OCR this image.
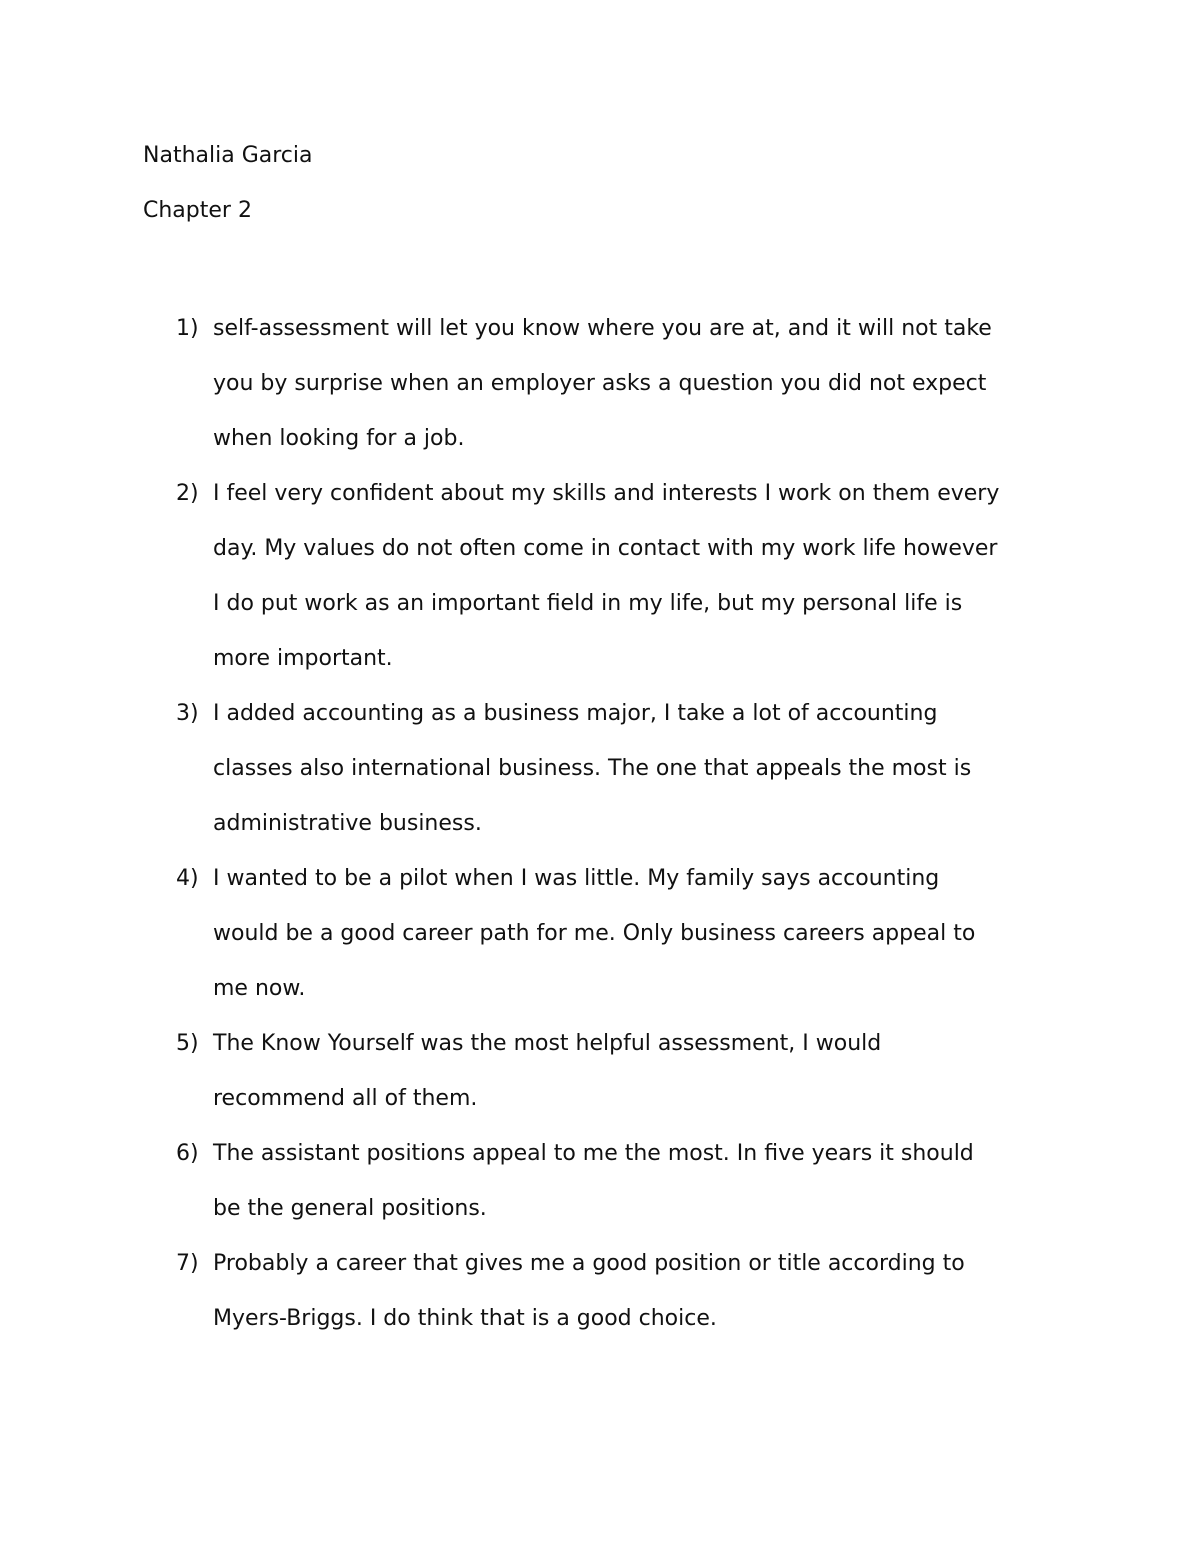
Nathalia Garcia
Chapter 2
1) self-assessment will let you know where you are at, and it will not take
you by surprise when an employer asks a question you did not expect
when looking for a job.
2) I feel very confident about my skills and interests I work on them every
day. My values do not often come in contact with my work life however
I do put work as an important field in my life, but my personal life is
more important.
3) I added accounting as a business major, I take a lot of accounting
classes also international business. The one that appeals the most is
administrative business.
4) I wanted to be a pilot when I was little. My family says accounting
would be a good career path for me. Only business careers appeal to
me now.
5) The Know Yourself was the most helpful assessment, I would
recommend all of them.
6) The assistant positions appeal to me the most. In five years it should
be the general positions.
7) Probably a career that gives me a good position or title according to
Myers-Briggs. I do think that is a good choice.
